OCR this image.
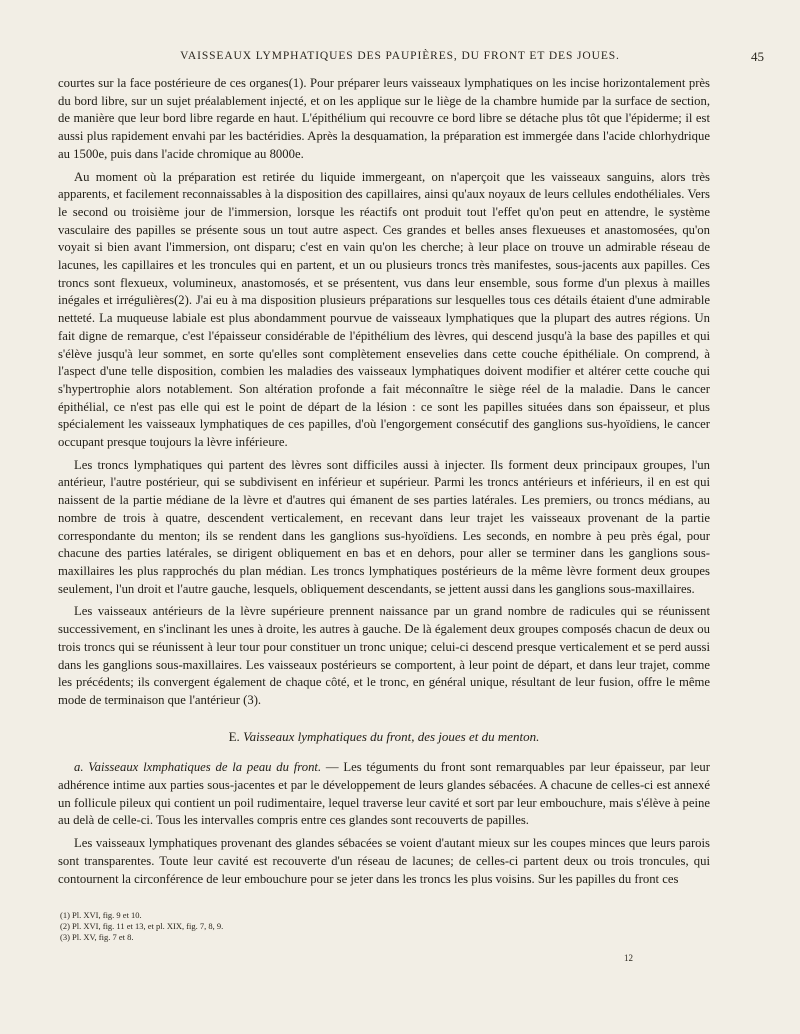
VAISSEAUX LYMPHATIQUES DES PAUPIÈRES, DU FRONT ET DES JOUES.	45

courtes sur la face postérieure de ces organes(1). Pour préparer leurs vaisseaux lymphatiques on les incise horizontalement près du bord libre, sur un sujet préalablement injecté, et on les applique sur le liège de la chambre humide par la surface de section, de manière que leur bord libre regarde en haut. L'épithélium qui recouvre ce bord libre se détache plus tôt que l'épiderme; il est aussi plus rapidement envahi par les bactéridies. Après la desquamation, la préparation est immergée dans l'acide chlorhydrique au 1500e, puis dans l'acide chromique au 8000e.

Au moment où la préparation est retirée du liquide immergeant, on n'aperçoit que les vaisseaux sanguins, alors très apparents, et facilement reconnaissables à la disposition des capillaires, ainsi qu'aux noyaux de leurs cellules endothéliales. Vers le second ou troisième jour de l'immersion, lorsque les réactifs ont produit tout l'effet qu'on peut en attendre, le système vasculaire des papilles se présente sous un tout autre aspect. Ces grandes et belles anses flexueuses et anastomosées, qu'on voyait si bien avant l'immersion, ont disparu; c'est en vain qu'on les cherche; à leur place on trouve un admirable réseau de lacunes, les capillaires et les troncules qui en partent, et un ou plusieurs troncs très manifestes, sous-jacents aux papilles. Ces troncs sont flexueux, volumineux, anastomosés, et se présentent, vus dans leur ensemble, sous forme d'un plexus à mailles inégales et irrégulières(2). J'ai eu à ma disposition plusieurs préparations sur lesquelles tous ces détails étaient d'une admirable netteté. La muqueuse labiale est plus abondamment pourvue de vaisseaux lymphatiques que la plupart des autres régions. Un fait digne de remarque, c'est l'épaisseur considérable de l'épithélium des lèvres, qui descend jusqu'à la base des papilles et qui s'élève jusqu'à leur sommet, en sorte qu'elles sont complètement ensevelies dans cette couche épithéliale. On comprend, à l'aspect d'une telle disposition, combien les maladies des vaisseaux lymphatiques doivent modifier et altérer cette couche qui s'hypertrophie alors notablement. Son altération profonde a fait méconnaître le siège réel de la maladie. Dans le cancer épithélial, ce n'est pas elle qui est le point de départ de la lésion : ce sont les papilles situées dans son épaisseur, et plus spécialement les vaisseaux lymphatiques de ces papilles, d'où l'engorgement consécutif des ganglions sus-hyoïdiens, le cancer occupant presque toujours la lèvre inférieure.

Les troncs lymphatiques qui partent des lèvres sont difficiles aussi à injecter. Ils forment deux principaux groupes, l'un antérieur, l'autre postérieur, qui se subdivisent en inférieur et supérieur. Parmi les troncs antérieurs et inférieurs, il en est qui naissent de la partie médiane de la lèvre et d'autres qui émanent de ses parties latérales. Les premiers, ou troncs médians, au nombre de trois à quatre, descendent verticalement, en recevant dans leur trajet les vaisseaux provenant de la partie correspondante du menton; ils se rendent dans les ganglions sus-hyoïdiens. Les seconds, en nombre à peu près égal, pour chacune des parties latérales, se dirigent obliquement en bas et en dehors, pour aller se terminer dans les ganglions sous-maxillaires les plus rapprochés du plan médian. Les troncs lymphatiques postérieurs de la même lèvre forment deux groupes seulement, l'un droit et l'autre gauche, lesquels, obliquement descendants, se jettent aussi dans les ganglions sous-maxillaires.

Les vaisseaux antérieurs de la lèvre supérieure prennent naissance par un grand nombre de radicules qui se réunissent successivement, en s'inclinant les unes à droite, les autres à gauche. De là également deux groupes composés chacun de deux ou trois troncs qui se réunissent à leur tour pour constituer un tronc unique; celui-ci descend presque verticalement et se perd aussi dans les ganglions sous-maxillaires. Les vaisseaux postérieurs se comportent, à leur point de départ, et dans leur trajet, comme les précédents; ils convergent également de chaque côté, et le tronc, en général unique, résultant de leur fusion, offre le même mode de terminaison que l'antérieur (3).

E. Vaisseaux lymphatiques du front, des joues et du menton.

a. Vaisseaux lxmphatiques de la peau du front. — Les téguments du front sont remarquables par leur épaisseur, par leur adhérence intime aux parties sous-jacentes et par le développement de leurs glandes sébacées. A chacune de celles-ci est annexé un follicule pileux qui contient un poil rudimentaire, lequel traverse leur cavité et sort par leur embouchure, mais s'élève à peine au delà de celle-ci. Tous les intervalles compris entre ces glandes sont recouverts de papilles.

Les vaisseaux lymphatiques provenant des glandes sébacées se voient d'autant mieux sur les coupes minces que leurs parois sont transparentes. Toute leur cavité est recouverte d'un réseau de lacunes; de celles-ci partent deux ou trois troncules, qui contournent la circonférence de leur embouchure pour se jeter dans les troncs les plus voisins. Sur les papilles du front ces

(1) Pl. XVI, fig. 9 et 10.
(2) Pl. XVI, fig. 11 et 13, et pl. XIX, fig. 7, 8, 9.
(3) Pl. XV, fig. 7 et 8.
12
